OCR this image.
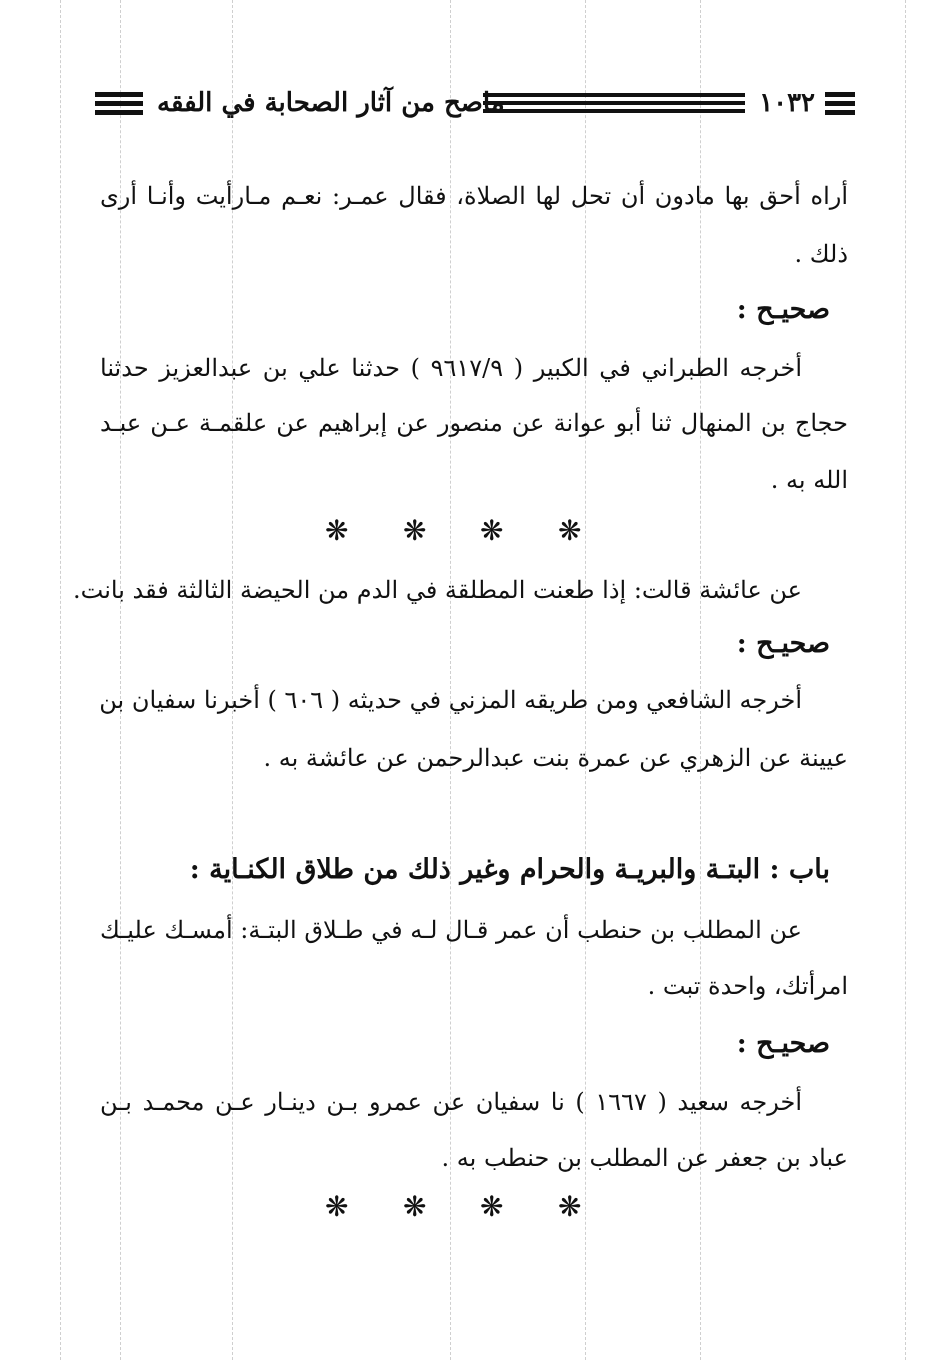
١٠٣٢
ماصح من آثار الصحابة في الفقه
أراه أحق بها مادون أن تحل لها الصلاة، فقال عمـر: نعـم مـارأيت وأنـا أرى
ذلك .
صحيـح :
أخرجه الطبراني في الكبير ( ٩٦١٧/٩ ) حدثنا علي بن عبدالعزيز حدثنا
حجاج بن المنهال ثنا أبو عوانة عن منصور عن إبراهيم عن علقمـة عـن عبـد
الله به .
❋ ❋ ❋ ❋
عن عائشة قالت: إذا طعنت المطلقة في الدم من الحيضة الثالثة فقد بانت.
صحيـح :
أخرجه الشافعي ومن طريقه المزني في حديثه ( ٦٠٦ ) أخبرنا سفيان بن
عيينة عن الزهري عن عمرة بنت عبدالرحمن عن عائشة به .
باب : البتـة والبريـة والحرام وغير ذلك من طلاق الكنـاية :
عن المطلب بن حنطب أن عمر قـال لـه في طـلاق البتـة: أمسـك عليـك
امرأتك، واحدة تبت .
صحيـح :
أخرجه سعيد ( ١٦٦٧ ) نا سفيان عن عمرو بـن دينـار عـن محمـد بـن
عباد بن جعفر عن المطلب بن حنطب به .
❋ ❋ ❋ ❋
